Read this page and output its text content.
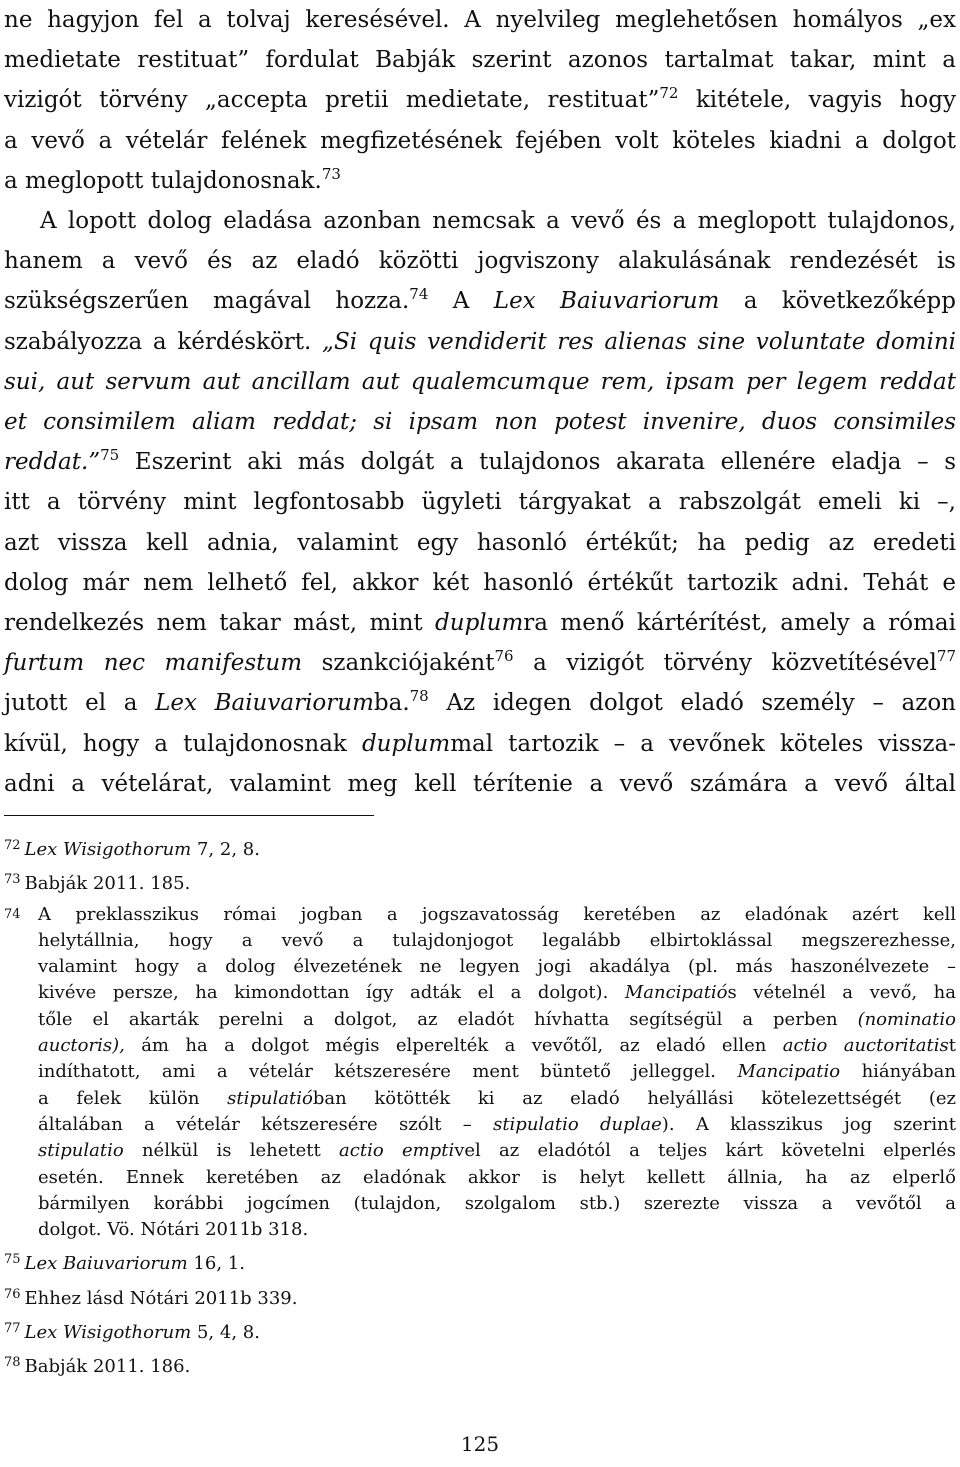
ne hagyjon fel a tolvaj keresésével. A nyelvileg meglehetősen homályos „ex
medietate restituat” fordulat Babják szerint azonos tartalmat takar, mint a
vizigót törvény „accepta pretii medietate, restituat”$^{72}$ kitétele, vagyis hogy
a vevő a vételár felének megfizetésének fejében volt köteles kiadni a dolgot
a meglopott tulajdonosnak.$^{73}$
A lopott dolog eladása azonban nemcsak a vevő és a meglopott tulajdonos,
hanem a vevő és az eladó közötti jogviszony alakulásának rendezését is
szükségszerűen magával hozza.$^{74}$ A Lex Baiuvariorum a következőképp
szabályozza a kérdéskört. „Si quis vendiderit res alienas sine voluntate domini
sui, aut servum aut ancillam aut qualemcumque rem, ipsam per legem reddat
et consimilem aliam reddat; si ipsam non potest invenire, duos consimiles
reddat.”$^{75}$ Eszerint aki más dolgát a tulajdonos akarata ellenére eladja – s
itt a törvény mint legfontosabb ügyleti tárgyakat a rabszolgát emeli ki –,
azt vissza kell adnia, valamint egy hasonló értékűt; ha pedig az eredeti
dolog már nem lelhető fel, akkor két hasonló értékűt tartozik adni. Tehát e
rendelkezés nem takar mást, mint duplumra menő kártérítést, amely a római
furtum nec manifestum szankciójaként$^{76}$ a vizigót törvény közvetítésével$^{77}$
jutott el a Lex Baiuvariorumba.$^{78}$ Az idegen dolgot eladó személy – azon
kívül, hogy a tulajdonosnak duplummal tartozik – a vevőnek köteles vissza-
adni a vételárat, valamint meg kell térítenie a vevő számára a vevő által
$^{72}$ Lex Wisigothorum 7, 2, 8.
$^{73}$ Babják 2011. 185.
74 A preklasszikus római jogban a jogszavatosság keretében az eladónak azért kell
helytállnia, hogy a vevő a tulajdonjogot legalább elbirtoklással megszerezhesse,
valamint hogy a dolog élvezetének ne legyen jogi akadálya (pl. más haszonélvezete –
kivéve persze, ha kimondottan így adták el a dolgot). Mancipatiós vételnél a vevő, ha
tőle el akarták perelni a dolgot, az eladót hívhatta segítségül a perben (nominatio
auctoris), ám ha a dolgot mégis elperelték a vevőtől, az eladó ellen actio auctoritatist
indíthatott, ami a vételár kétszeresére ment büntető jelleggel. Mancipatio hiányában
a felek külön stipulatióban kötötték ki az eladó helyállási kötelezettségét (ez
általában a vételár kétszeresére szólt – stipulatio duplae). A klasszikus jog szerint
stipulatio nélkül is lehetett actio emptivel az eladótól a teljes kárt követelni elperlés
esetén. Ennek keretében az eladónak akkor is helyt kellett állnia, ha az elperlő
bármilyen korábbi jogcímen (tulajdon, szolgalom stb.) szerezte vissza a vevőtől a
dolgot. Vö. Nótári 2011b 318.
$^{75}$ Lex Baiuvariorum 16, 1.
$^{76}$ Ehhez lásd Nótári 2011b 339.
$^{77}$ Lex Wisigothorum 5, 4, 8.
$^{78}$ Babják 2011. 186.
125
